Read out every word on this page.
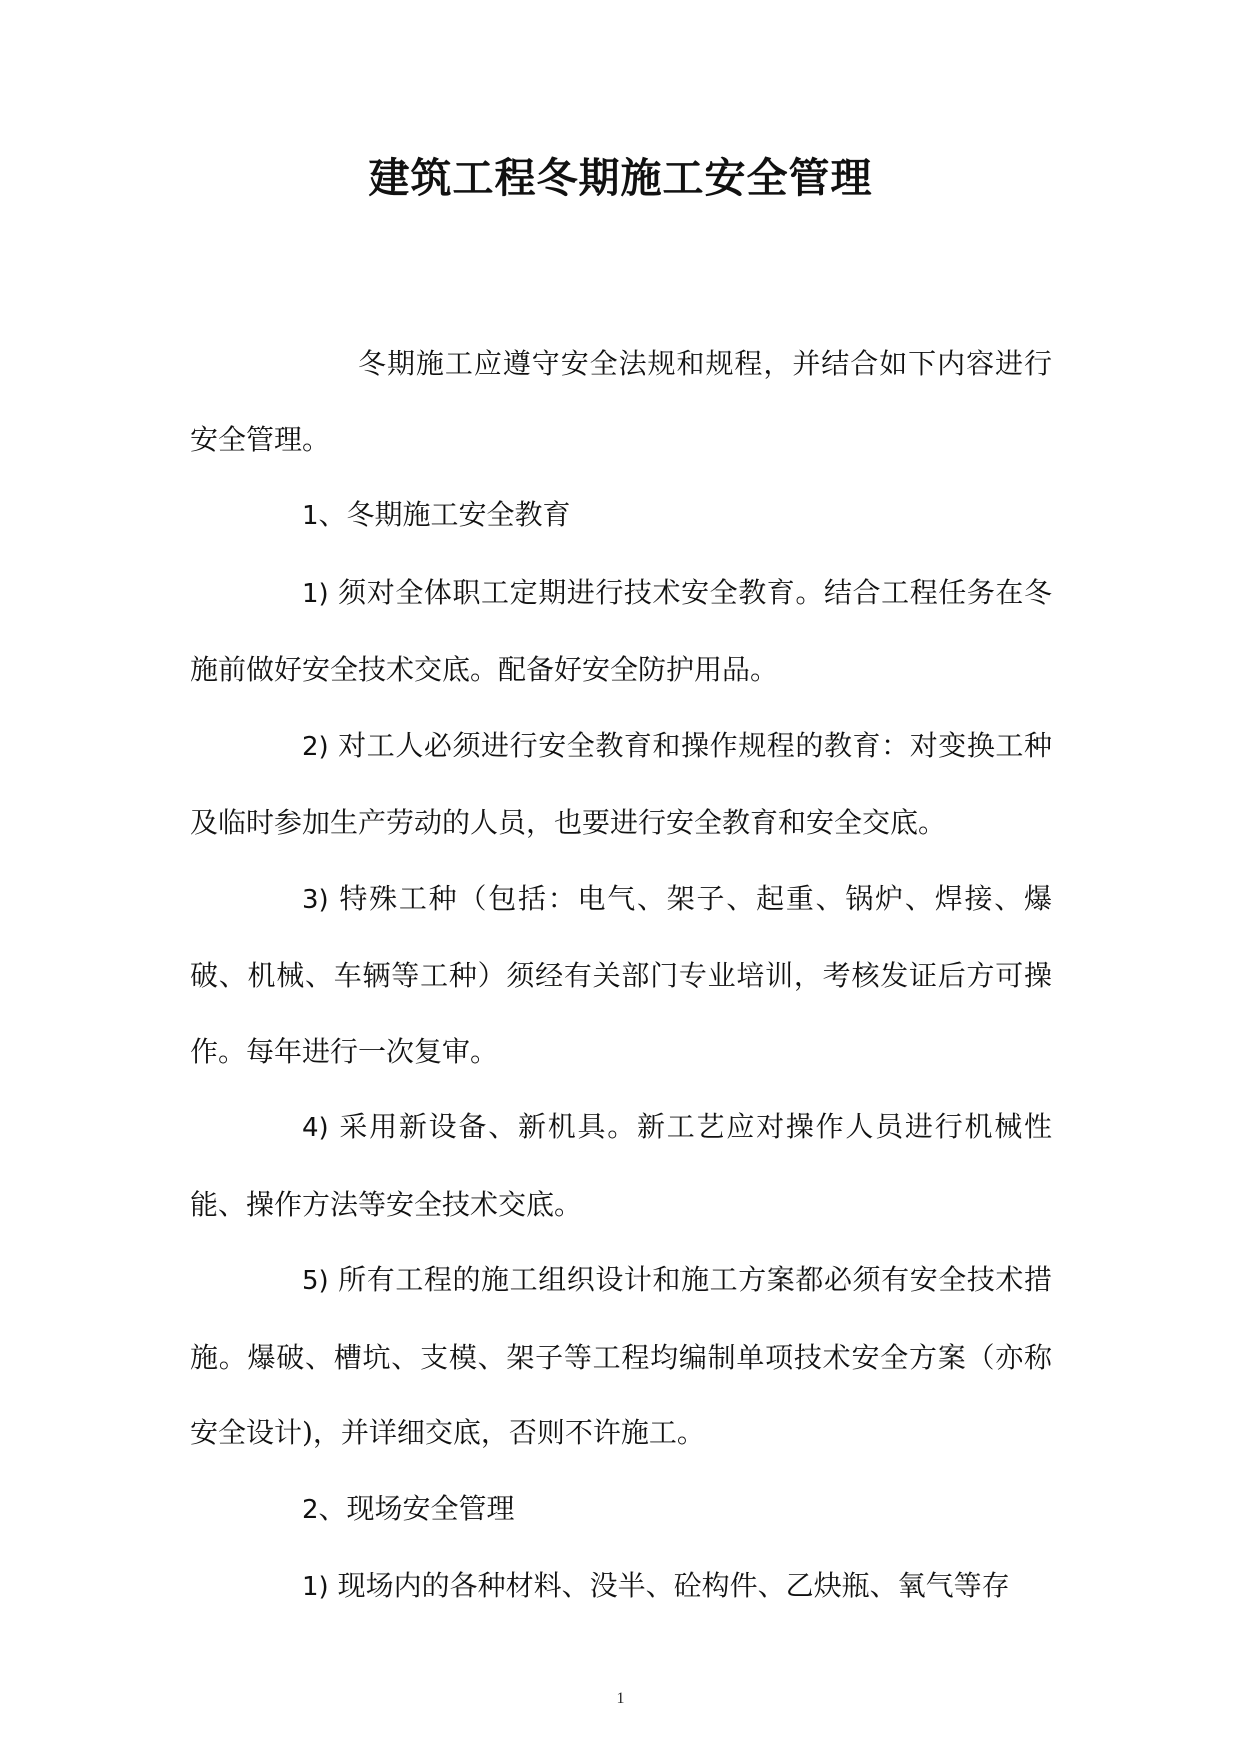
建筑工程冬期施工安全管理

冬期施工应遵守安全法规和规程，并结合如下内容进行安全管理。

1、冬期施工安全教育

1) 须对全体职工定期进行技术安全教育。结合工程任务在冬施前做好安全技术交底。配备好安全防护用品。

2) 对工人必须进行安全教育和操作规程的教育：对变换工种及临时参加生产劳动的人员，也要进行安全教育和安全交底。

3) 特殊工种（包括：电气、架子、起重、锅炉、焊接、爆破、机械、车辆等工种）须经有关部门专业培训，考核发证后方可操作。每年进行一次复审。

4) 采用新设备、新机具。新工艺应对操作人员进行机械性能、操作方法等安全技术交底。

5) 所有工程的施工组织设计和施工方案都必须有安全技术措施。爆破、槽坑、支模、架子等工程均编制单项技术安全方案（亦称安全设计)，并详细交底，否则不许施工。

2、现场安全管理

1) 现场内的各种材料、没半、砼构件、乙炔瓶、氧气等存

1
